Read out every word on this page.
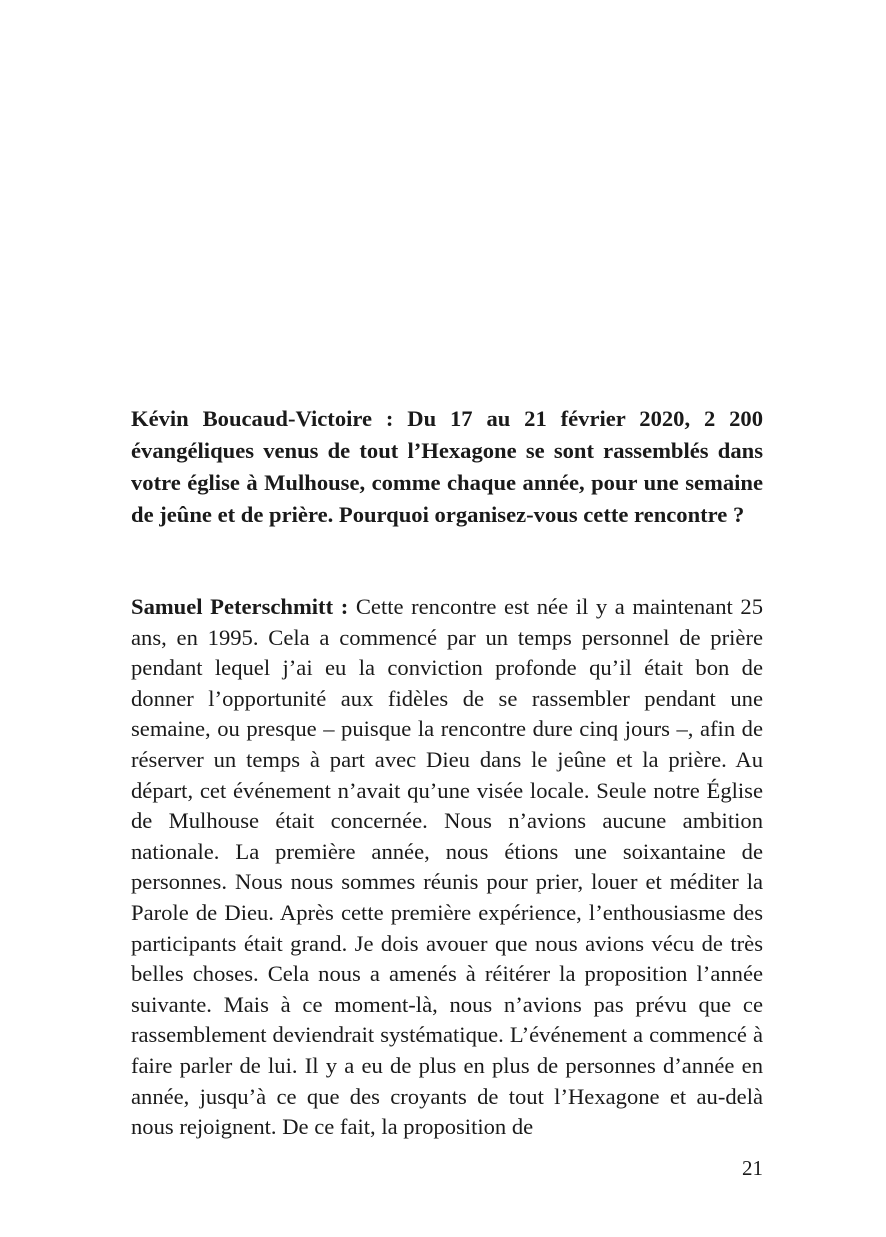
Kévin Boucaud-Victoire : Du 17 au 21 février 2020, 2 200 évangéliques venus de tout l’Hexagone se sont rassemblés dans votre église à Mulhouse, comme chaque année, pour une semaine de jeûne et de prière. Pourquoi organisez-vous cette rencontre ?

Samuel Peterschmitt : Cette rencontre est née il y a maintenant 25 ans, en 1995. Cela a commencé par un temps personnel de prière pendant lequel j’ai eu la conviction profonde qu’il était bon de donner l’opportunité aux fidèles de se rassembler pendant une semaine, ou presque – puisque la rencontre dure cinq jours –, afin de réserver un temps à part avec Dieu dans le jeûne et la prière. Au départ, cet événement n’avait qu’une visée locale. Seule notre Église de Mulhouse était concernée. Nous n’avions aucune ambition nationale. La première année, nous étions une soixantaine de personnes. Nous nous sommes réunis pour prier, louer et méditer la Parole de Dieu. Après cette première expérience, l’enthousiasme des participants était grand. Je dois avouer que nous avions vécu de très belles choses. Cela nous a amenés à réitérer la proposition l’année suivante. Mais à ce moment-là, nous n’avions pas prévu que ce rassemblement deviendrait systématique. L’événement a commencé à faire parler de lui. Il y a eu de plus en plus de personnes d’année en année, jusqu’à ce que des croyants de tout l’Hexagone et au-delà nous rejoignent. De ce fait, la proposition de

21
